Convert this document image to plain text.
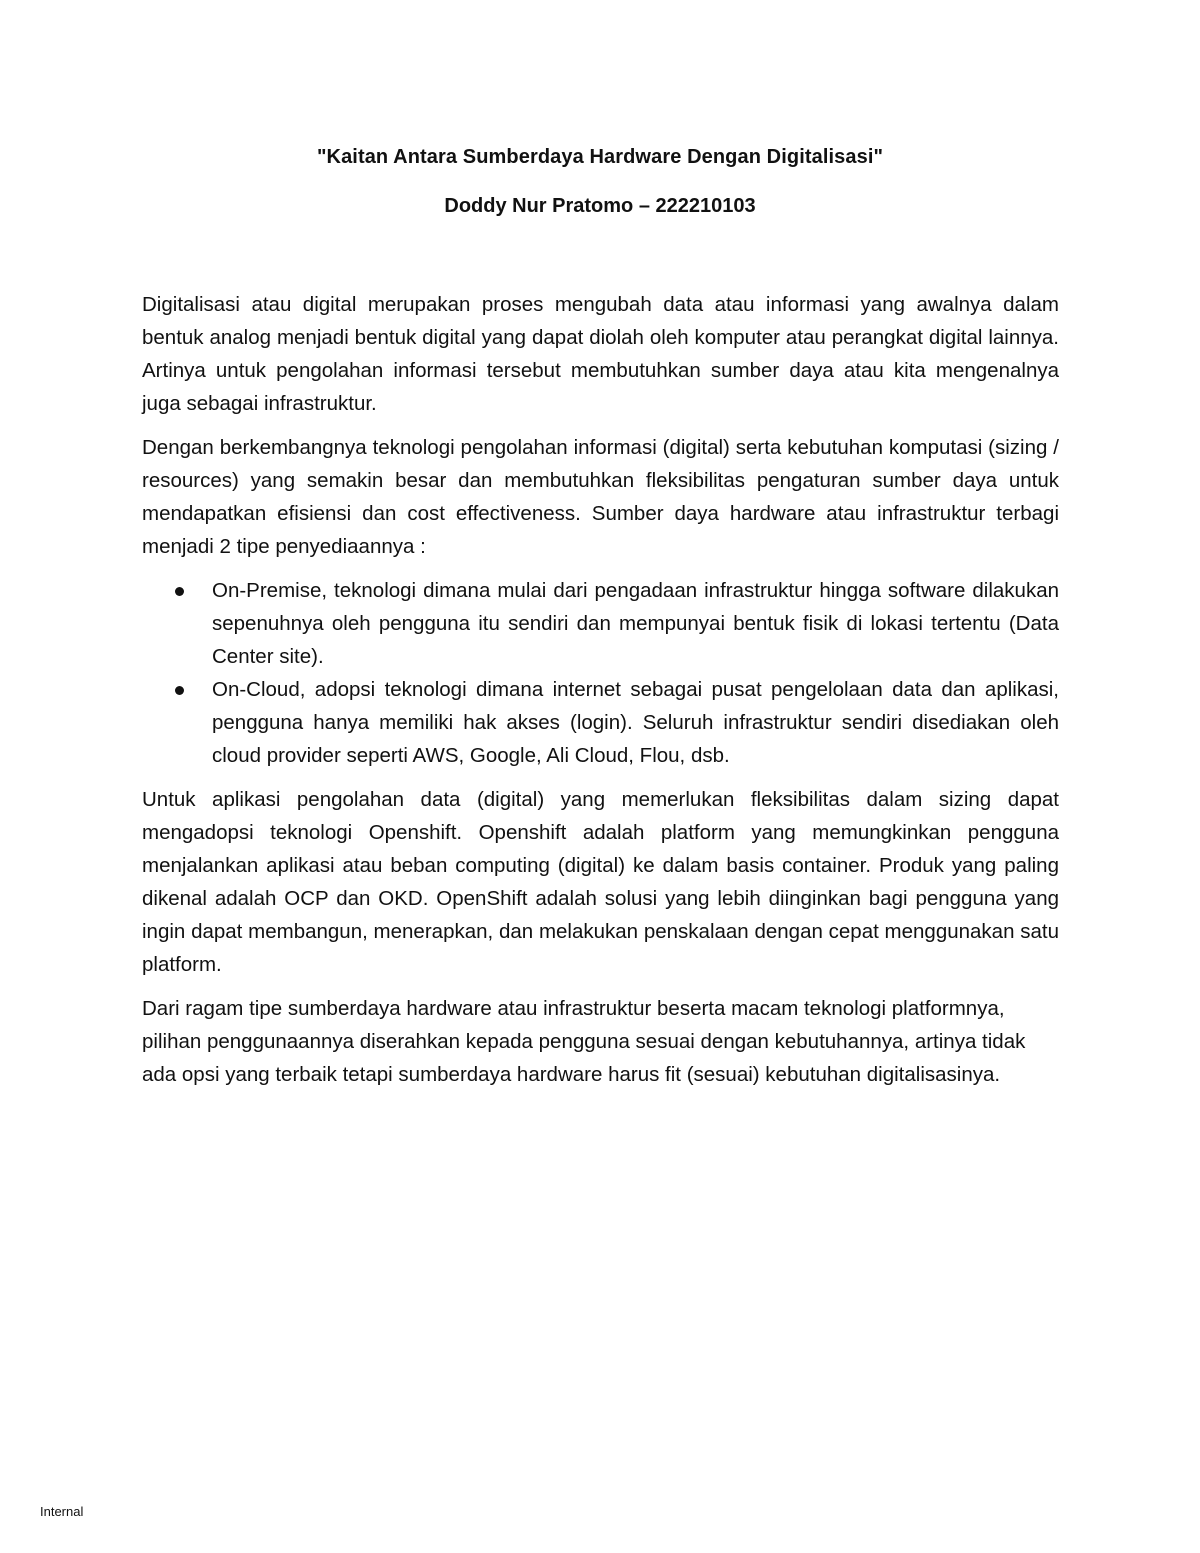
"Kaitan Antara Sumberdaya Hardware Dengan Digitalisasi"
Doddy Nur Pratomo – 222210103

Digitalisasi atau digital merupakan proses mengubah data atau informasi yang awalnya dalam bentuk analog menjadi bentuk digital yang dapat diolah oleh komputer atau perangkat digital lainnya. Artinya untuk pengolahan informasi tersebut membutuhkan sumber daya atau kita mengenalnya juga sebagai infrastruktur.

Dengan berkembangnya teknologi pengolahan informasi (digital) serta kebutuhan komputasi (sizing / resources) yang semakin besar dan membutuhkan fleksibilitas pengaturan sumber daya untuk mendapatkan efisiensi dan cost effectiveness. Sumber daya hardware atau infrastruktur terbagi menjadi 2 tipe penyediaannya :

On-Premise, teknologi dimana mulai dari pengadaan infrastruktur hingga software dilakukan sepenuhnya oleh pengguna itu sendiri dan mempunyai bentuk fisik di lokasi tertentu (Data Center site).
On-Cloud, adopsi teknologi dimana internet sebagai pusat pengelolaan data dan aplikasi, pengguna hanya memiliki hak akses (login). Seluruh infrastruktur sendiri disediakan oleh cloud provider seperti AWS, Google, Ali Cloud, Flou, dsb.

Untuk aplikasi pengolahan data (digital) yang memerlukan fleksibilitas dalam sizing dapat mengadopsi teknologi Openshift. Openshift adalah platform yang memungkinkan pengguna menjalankan aplikasi atau beban computing (digital) ke dalam basis container. Produk yang paling dikenal adalah OCP dan OKD. OpenShift adalah solusi yang lebih diinginkan bagi pengguna yang ingin dapat membangun, menerapkan, dan melakukan penskalaan dengan cepat menggunakan satu platform.

Dari ragam tipe sumberdaya hardware atau infrastruktur beserta macam teknologi platformnya, pilihan penggunaannya diserahkan kepada pengguna sesuai dengan kebutuhannya, artinya tidak ada opsi yang terbaik tetapi sumberdaya hardware harus fit (sesuai) kebutuhan digitalisasinya.

Internal
